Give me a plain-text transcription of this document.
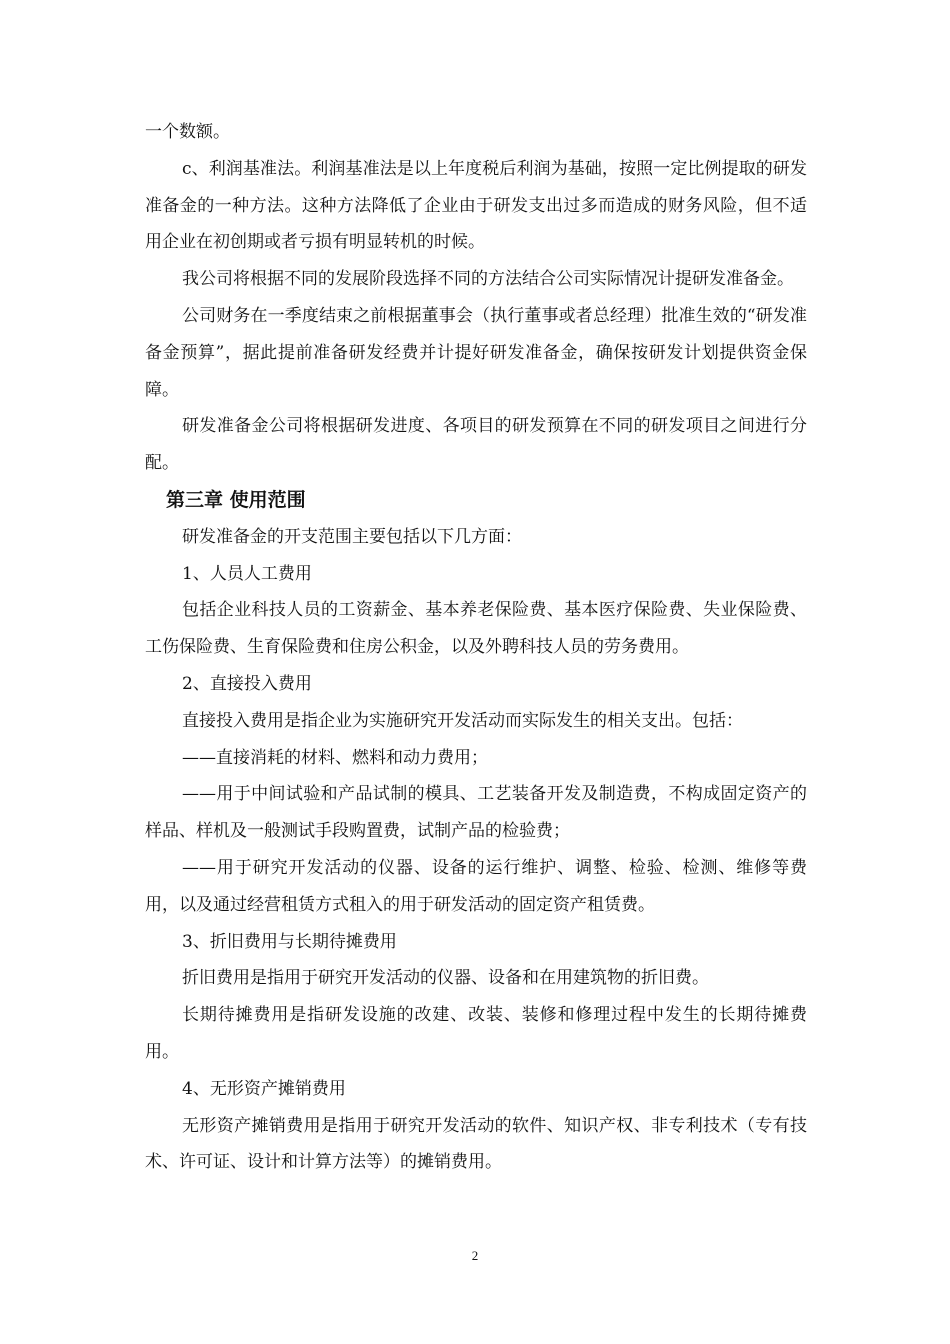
一个数额。

c、利润基准法。利润基准法是以上年度税后利润为基础，按照一定比例提取的研发准备金的一种方法。这种方法降低了企业由于研发支出过多而造成的财务风险，但不适用企业在初创期或者亏损有明显转机的时候。

我公司将根据不同的发展阶段选择不同的方法结合公司实际情况计提研发准备金。

公司财务在一季度结束之前根据董事会（执行董事或者总经理）批准生效的“研发准备金预算”，据此提前准备研发经费并计提好研发准备金，确保按研发计划提供资金保障。

研发准备金公司将根据研发进度、各项目的研发预算在不同的研发项目之间进行分配。

第三章 使用范围

研发准备金的开支范围主要包括以下几方面：

1、人员人工费用

包括企业科技人员的工资薪金、基本养老保险费、基本医疗保险费、失业保险费、工伤保险费、生育保险费和住房公积金，以及外聘科技人员的劳务费用。

2、直接投入费用

直接投入费用是指企业为实施研究开发活动而实际发生的相关支出。包括：

——直接消耗的材料、燃料和动力费用；

——用于中间试验和产品试制的模具、工艺装备开发及制造费，不构成固定资产的样品、样机及一般测试手段购置费，试制产品的检验费；

——用于研究开发活动的仪器、设备的运行维护、调整、检验、检测、维修等费用，以及通过经营租赁方式租入的用于研发活动的固定资产租赁费。

3、折旧费用与长期待摊费用

折旧费用是指用于研究开发活动的仪器、设备和在用建筑物的折旧费。

长期待摊费用是指研发设施的改建、改装、装修和修理过程中发生的长期待摊费用。

4、无形资产摊销费用

无形资产摊销费用是指用于研究开发活动的软件、知识产权、非专利技术（专有技术、许可证、设计和计算方法等）的摊销费用。

2
